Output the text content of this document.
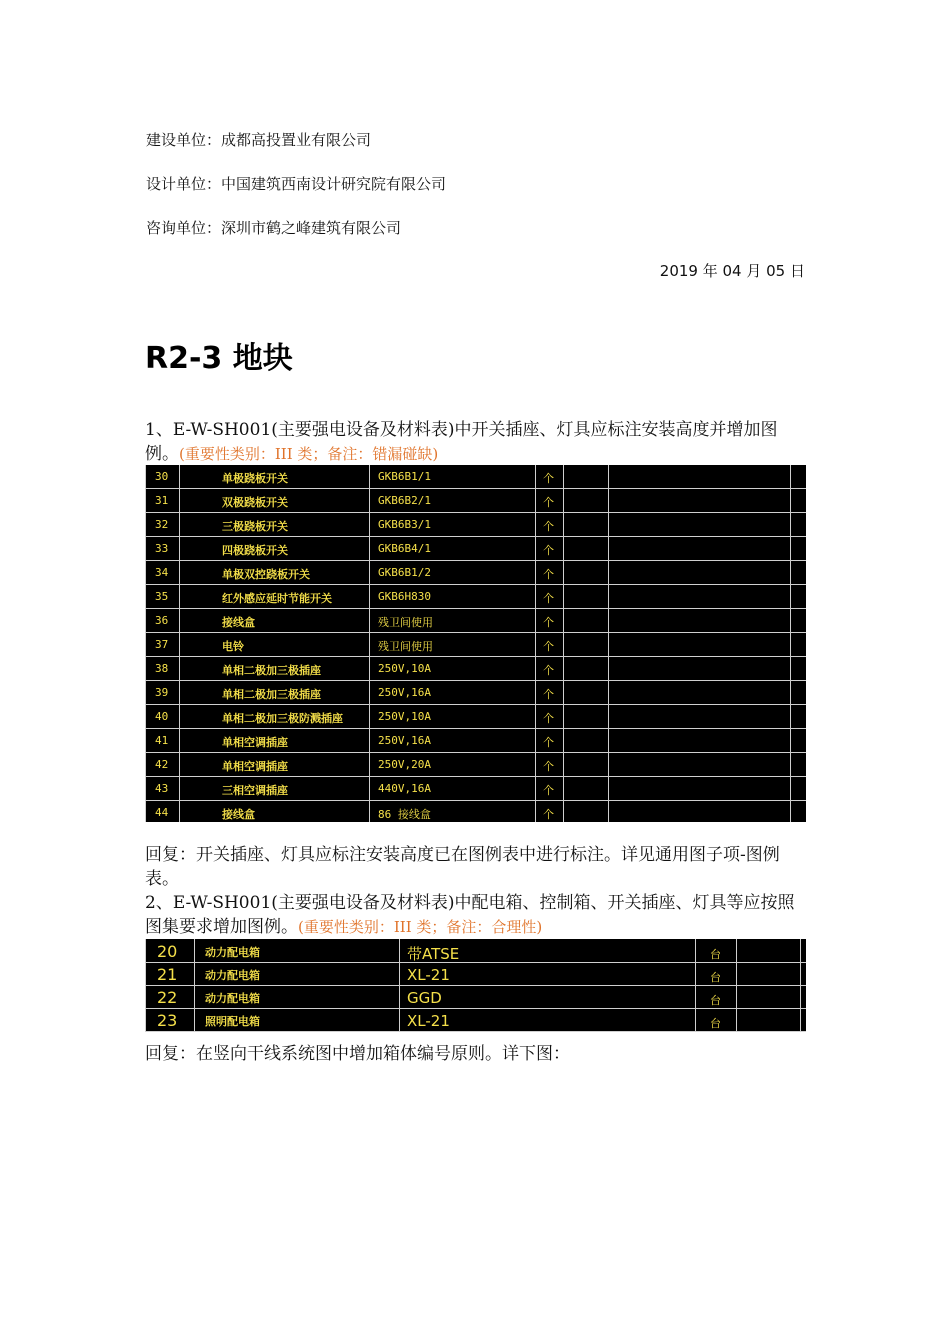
建设单位：成都高投置业有限公司
设计单位：中国建筑西南设计研究院有限公司
咨询单位：深圳市鹤之峰建筑有限公司
2019 年 04 月 05 日
R2-3 地块
1、E-W-SH001(主要强电设备及材料表)中开关插座、灯具应标注安装高度并增加图例。(重要性类别：III 类；备注：错漏碰缺)
30	单极跷板开关	GKB6B1/1	个
31	双极跷板开关	GKB6B2/1	个
32	三极跷板开关	GKB6B3/1	个
33	四极跷板开关	GKB6B4/1	个
34	单极双控跷板开关	GKB6B1/2	个
35	红外感应延时节能开关	GKB6H830	个
36	接线盒	残卫间使用	个
37	电铃	残卫间使用	个
38	单相二极加三极插座	250V,10A	个
39	单相二极加三极插座	250V,16A	个
40	单相二极加三极防溅插座	250V,10A	个
41	单相空调插座	250V,16A	个
42	单相空调插座	250V,20A	个
43	三相空调插座	440V,16A	个
44	接线盒	86 接线盒	个
回复：开关插座、灯具应标注安装高度已在图例表中进行标注。详见通用图子项-图例表。
2、E-W-SH001(主要强电设备及材料表)中配电箱、控制箱、开关插座、灯具等应按照图集要求增加图例。(重要性类别：III 类；备注：合理性)
20	动力配电箱	带ATSE	台
21	动力配电箱	XL-21	台
22	动力配电箱	GGD	台
23	照明配电箱	XL-21	台
回复：在竖向干线系统图中增加箱体编号原则。详下图：
